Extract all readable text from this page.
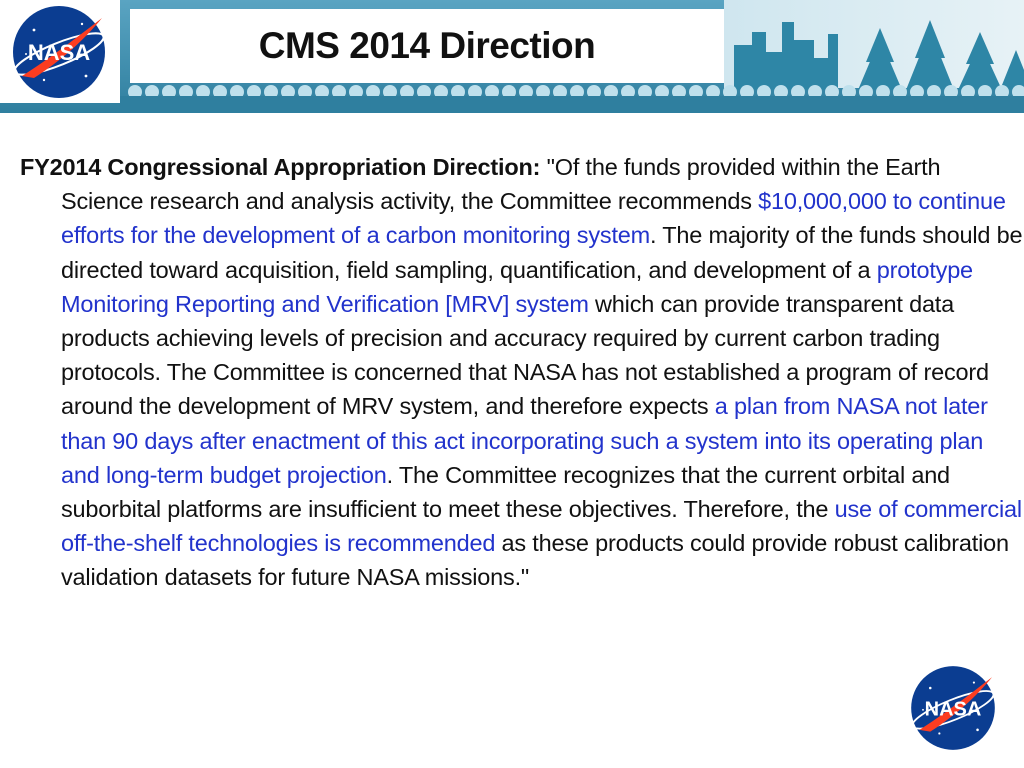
NASA	CMS 2014 Direction
FY2014 Congressional Appropriation Direction: "Of the funds provided within the Earth Science research and analysis activity, the Committee recommends $10,000,000 to continue efforts for the development of a carbon monitoring system. The majority of the funds should be directed toward acquisition, field sampling, quantification, and development of a prototype Monitoring Reporting and Verification [MRV] system which can provide transparent data products achieving levels of precision and accuracy required by current carbon trading protocols. The Committee is concerned that NASA has not established a program of record around the development of MRV system, and therefore expects a plan from NASA not later than 90 days after enactment of this act incorporating such a system into its operating plan and long-term budget projection. The Committee recognizes that the current orbital and suborbital platforms are insufficient to meet these objectives. Therefore, the use of commercial off-the-shelf technologies is recommended as these products could provide robust calibration validation datasets for future NASA missions."
NASA
